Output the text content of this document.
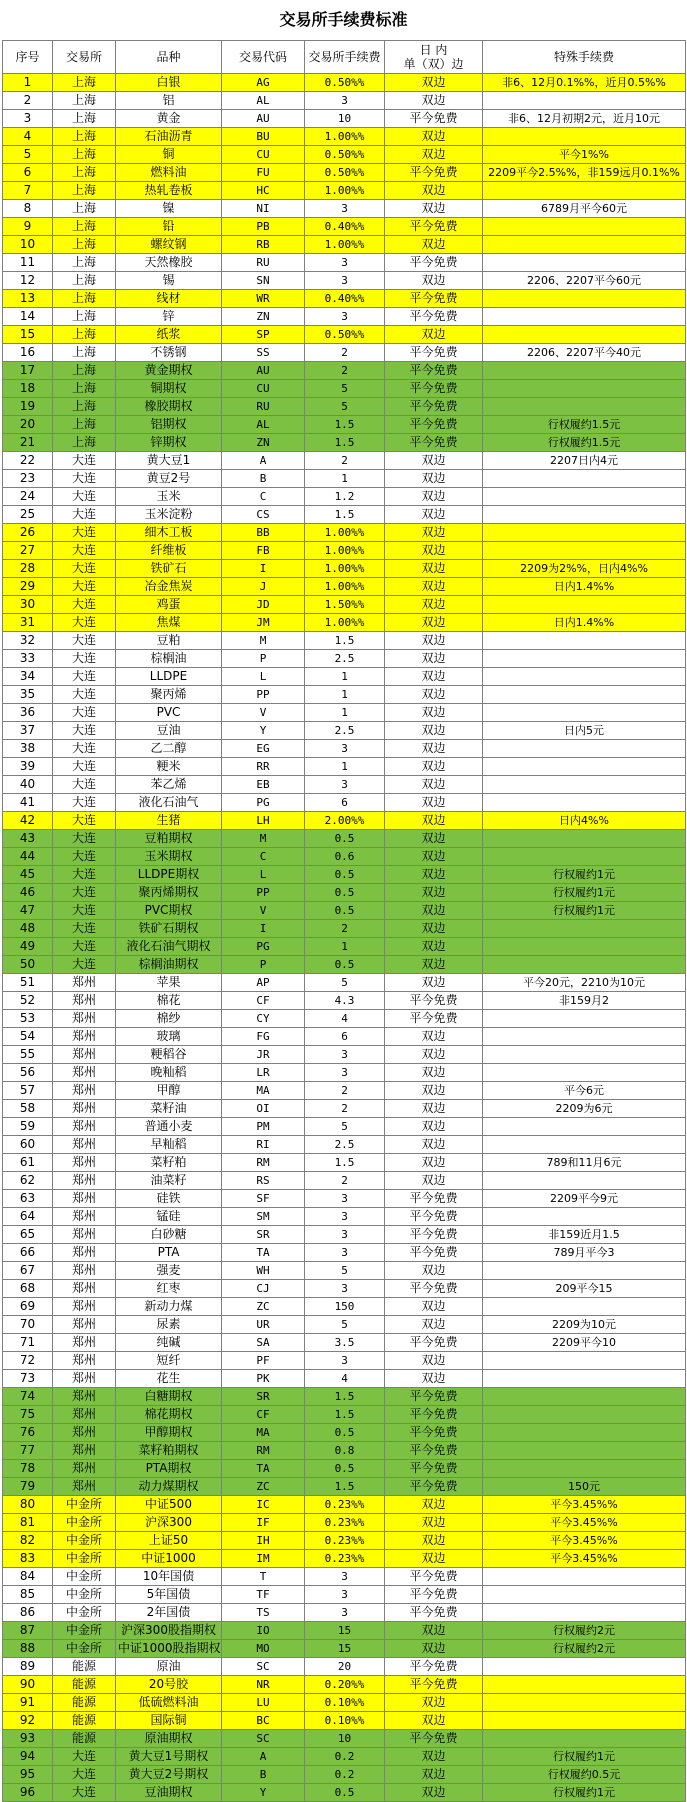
交易所手续费标准
序号	交易所	品种	交易代码	交易所手续费	日 内
单（双）边	特殊手续费
1	上海	白银	AG	0.50%%	双边	非6、12月0.1%%，近月0.5%%
2	上海	铝	AL	3	双边	
3	上海	黄金	AU	10	平今免费	非6、12月初期2元，近月10元
4	上海	石油沥青	BU	1.00%%	双边	
5	上海	铜	CU	0.50%%	双边	平今1%%
6	上海	燃料油	FU	0.50%%	平今免费	2209平今2.5%%，非159远月0.1%%
7	上海	热轧卷板	HC	1.00%%	双边	
8	上海	镍	NI	3	双边	6789月平今60元
9	上海	铅	PB	0.40%%	平今免费	
10	上海	螺纹钢	RB	1.00%%	双边	
11	上海	天然橡胶	RU	3	平今免费	
12	上海	锡	SN	3	双边	2206、2207平今60元
13	上海	线材	WR	0.40%%	平今免费	
14	上海	锌	ZN	3	平今免费	
15	上海	纸浆	SP	0.50%%	双边	
16	上海	不锈钢	SS	2	平今免费	2206、2207平今40元
17	上海	黄金期权	AU	2	平今免费	
18	上海	铜期权	CU	5	平今免费	
19	上海	橡胶期权	RU	5	平今免费	
20	上海	铝期权	AL	1.5	平今免费	行权履约1.5元
21	上海	锌期权	ZN	1.5	平今免费	行权履约1.5元
22	大连	黄大豆1	A	2	双边	2207日内4元
23	大连	黄豆2号	B	1	双边	
24	大连	玉米	C	1.2	双边	
25	大连	玉米淀粉	CS	1.5	双边	
26	大连	细木工板	BB	1.00%%	双边	
27	大连	纤维板	FB	1.00%%	双边	
28	大连	铁矿石	I	1.00%%	双边	2209为2%%，日内4%%
29	大连	冶金焦炭	J	1.00%%	双边	日内1.4%%
30	大连	鸡蛋	JD	1.50%%	双边	
31	大连	焦煤	JM	1.00%%	双边	日内1.4%%
32	大连	豆粕	M	1.5	双边	
33	大连	棕榈油	P	2.5	双边	
34	大连	LLDPE	L	1	双边	
35	大连	聚丙烯	PP	1	双边	
36	大连	PVC	V	1	双边	
37	大连	豆油	Y	2.5	双边	日内5元
38	大连	乙二醇	EG	3	双边	
39	大连	粳米	RR	1	双边	
40	大连	苯乙烯	EB	3	双边	
41	大连	液化石油气	PG	6	双边	
42	大连	生猪	LH	2.00%%	双边	日内4%%
43	大连	豆粕期权	M	0.5	双边	
44	大连	玉米期权	C	0.6	双边	
45	大连	LLDPE期权	L	0.5	双边	行权履约1元
46	大连	聚丙烯期权	PP	0.5	双边	行权履约1元
47	大连	PVC期权	V	0.5	双边	行权履约1元
48	大连	铁矿石期权	I	2	双边	
49	大连	液化石油气期权	PG	1	双边	
50	大连	棕榈油期权	P	0.5	双边	
51	郑州	苹果	AP	5	双边	平今20元，2210为10元
52	郑州	棉花	CF	4.3	平今免费	非159月2
53	郑州	棉纱	CY	4	平今免费	
54	郑州	玻璃	FG	6	双边	
55	郑州	粳稻谷	JR	3	双边	
56	郑州	晚籼稻	LR	3	双边	
57	郑州	甲醇	MA	2	双边	平今6元
58	郑州	菜籽油	OI	2	双边	2209为6元
59	郑州	普通小麦	PM	5	双边	
60	郑州	早籼稻	RI	2.5	双边	
61	郑州	菜籽粕	RM	1.5	双边	789和11月6元
62	郑州	油菜籽	RS	2	双边	
63	郑州	硅铁	SF	3	平今免费	2209平今9元
64	郑州	锰硅	SM	3	平今免费	
65	郑州	白砂糖	SR	3	平今免费	非159近月1.5
66	郑州	PTA	TA	3	平今免费	789月平今3
67	郑州	强麦	WH	5	双边	
68	郑州	红枣	CJ	3	平今免费	209平今15
69	郑州	新动力煤	ZC	150	双边	
70	郑州	尿素	UR	5	双边	2209为10元
71	郑州	纯碱	SA	3.5	平今免费	2209平今10
72	郑州	短纤	PF	3	双边	
73	郑州	花生	PK	4	双边	
74	郑州	白糖期权	SR	1.5	平今免费	
75	郑州	棉花期权	CF	1.5	平今免费	
76	郑州	甲醇期权	MA	0.5	平今免费	
77	郑州	菜籽粕期权	RM	0.8	平今免费	
78	郑州	PTA期权	TA	0.5	平今免费	
79	郑州	动力煤期权	ZC	1.5	平今免费	150元
80	中金所	中证500	IC	0.23%%	双边	平今3.45%%
81	中金所	沪深300	IF	0.23%%	双边	平今3.45%%
82	中金所	上证50	IH	0.23%%	双边	平今3.45%%
83	中金所	中证1000	IM	0.23%%	双边	平今3.45%%
84	中金所	10年国债	T	3	平今免费	
85	中金所	5年国债	TF	3	平今免费	
86	中金所	2年国债	TS	3	平今免费	
87	中金所	沪深300股指期权	IO	15	双边	行权履约2元
88	中金所	中证1000股指期权	MO	15	双边	行权履约2元
89	能源	原油	SC	20	平今免费	
90	能源	20号胶	NR	0.20%%	平今免费	
91	能源	低硫燃料油	LU	0.10%%	双边	
92	能源	国际铜	BC	0.10%%	双边	
93	能源	原油期权	SC	10	平今免费	
94	大连	黄大豆1号期权	A	0.2	双边	行权履约1元
95	大连	黄大豆2号期权	B	0.2	双边	行权履约0.5元
96	大连	豆油期权	Y	0.5	双边	行权履约1元
